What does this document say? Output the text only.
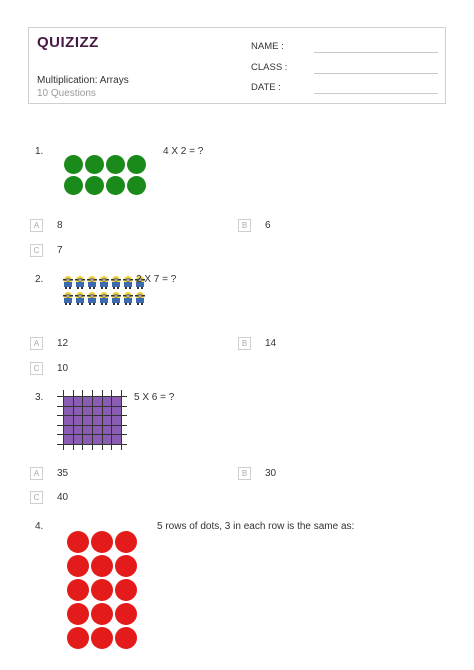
QUIZIZZ
Multiplication: Arrays
10 Questions
NAME :
CLASS :
DATE :
1.	4 X 2 = ?
A	8	B	6
C	7
2.	2 X 7 = ?
A	12	B	14
C	10
3.	5 X 6 = ?
A	35	B	30
C	40
4.	5 rows of dots, 3 in each row is the same as:
